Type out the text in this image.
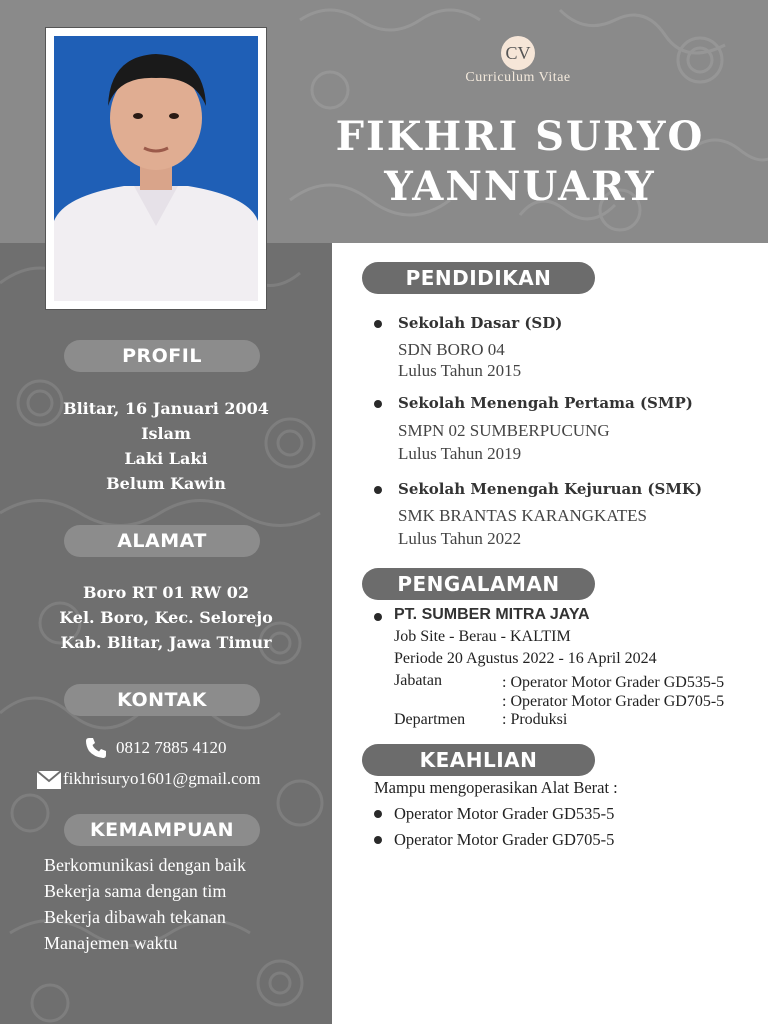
CV
Curriculum Vitae
FIKHRI SURYO
YANNUARY
PROFIL
Blitar, 16 Januari 2004
Islam
Laki Laki
Belum Kawin
ALAMAT
Boro RT 01 RW 02
Kel. Boro, Kec. Selorejo
Kab. Blitar, Jawa Timur
KONTAK
0812 7885 4120
fikhrisuryo1601@gmail.com
KEMAMPUAN
Berkomunikasi dengan baik
Bekerja sama dengan tim
Bekerja dibawah tekanan
Manajemen waktu
PENDIDIKAN
Sekolah Dasar (SD)
SDN BORO 04
Lulus Tahun 2015
Sekolah Menengah Pertama (SMP)
SMPN 02 SUMBERPUCUNG
Lulus Tahun 2019
Sekolah Menengah Kejuruan (SMK)
SMK BRANTAS KARANGKATES
Lulus Tahun 2022
PENGALAMAN
PT. SUMBER MITRA JAYA
Job Site - Berau - KALTIM
Periode 20 Agustus 2022 - 16 April 2024
Jabatan	: Operator Motor Grader GD535-5
: Operator Motor Grader GD705-5
Departmen : Produksi
KEAHLIAN
Mampu mengoperasikan Alat Berat :
Operator Motor Grader GD535-5
Operator Motor Grader GD705-5
